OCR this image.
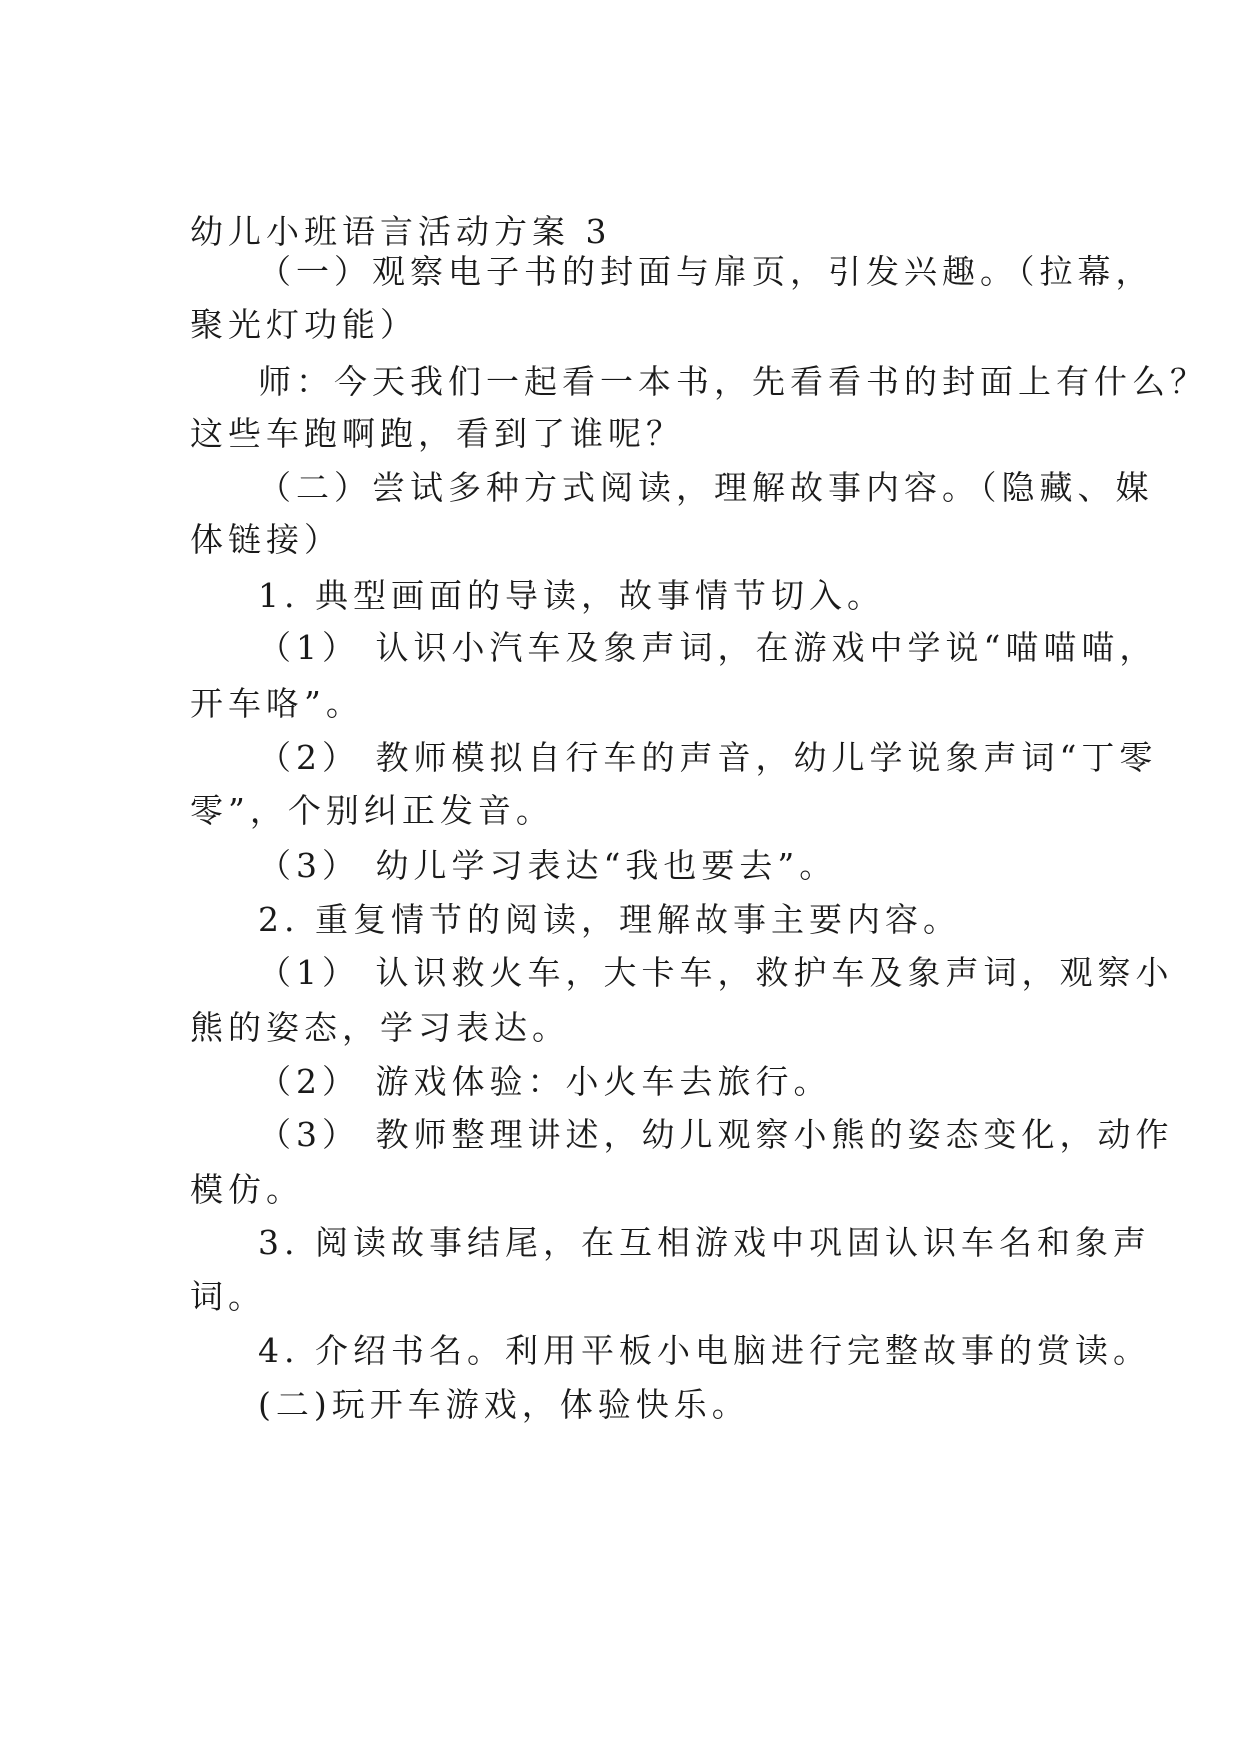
幼儿小班语言活动方案 3
（一）观察电子书的封面与扉页，引发兴趣。（拉幕，
聚光灯功能）
师：今天我们一起看一本书，先看看书的封面上有什么？
这些车跑啊跑，看到了谁呢？
（二）尝试多种方式阅读，理解故事内容。（隐藏、媒
体链接）
1. 典型画面的导读，故事情节切入。
（1） 认识小汽车及象声词，在游戏中学说“喵喵喵，
开车咯”。
（2） 教师模拟自行车的声音，幼儿学说象声词“丁零
零”，个别纠正发音。
（3） 幼儿学习表达“我也要去”。
2. 重复情节的阅读，理解故事主要内容。
（1） 认识救火车，大卡车，救护车及象声词，观察小
熊的姿态，学习表达。
（2） 游戏体验：小火车去旅行。
（3） 教师整理讲述，幼儿观察小熊的姿态变化，动作
模仿。
3. 阅读故事结尾，在互相游戏中巩固认识车名和象声
词。
4. 介绍书名。利用平板小电脑进行完整故事的赏读。
(二)玩开车游戏，体验快乐。
